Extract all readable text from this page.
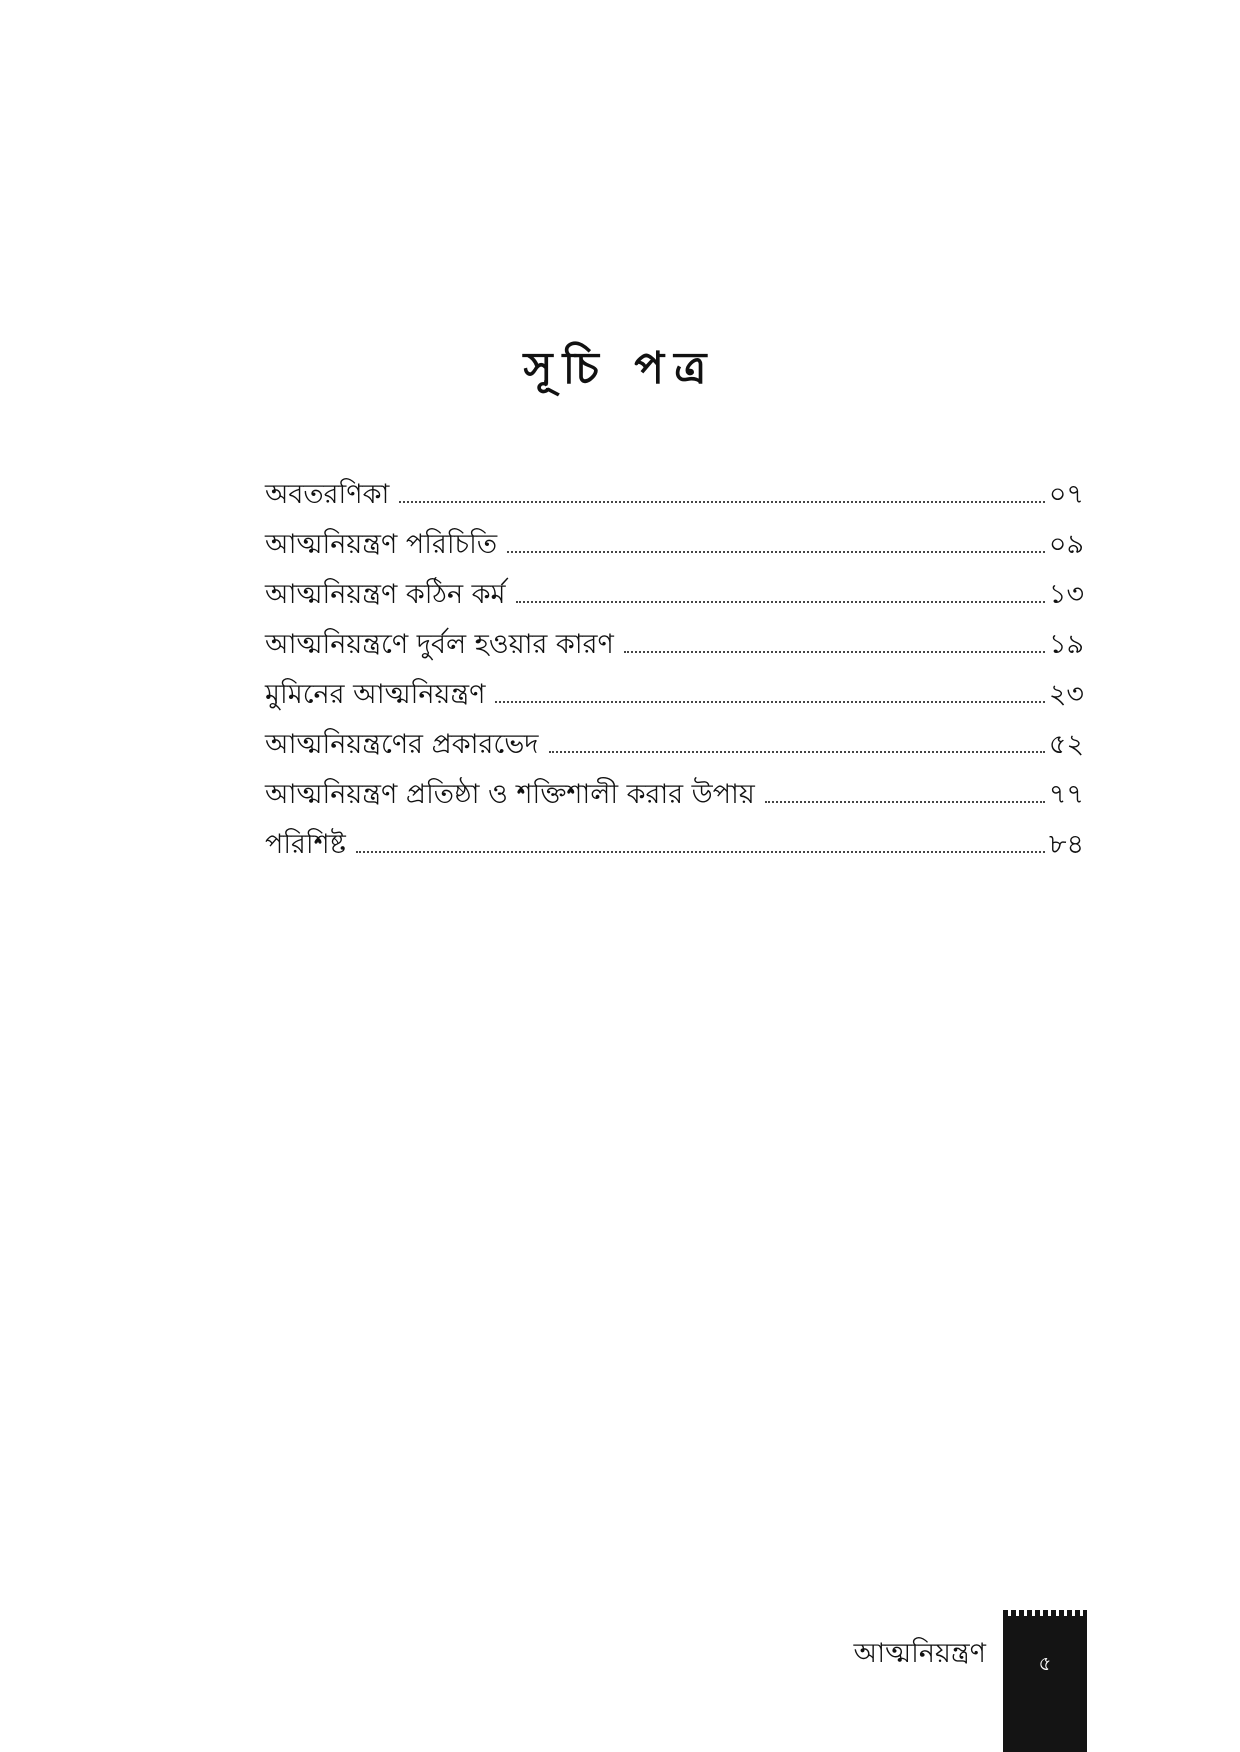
সূচি পত্র
অবতরণিকা	০৭
আত্মনিয়ন্ত্রণ পরিচিতি	০৯
আত্মনিয়ন্ত্রণ কঠিন কর্ম	১৩
আত্মনিয়ন্ত্রণে দুর্বল হওয়ার কারণ	১৯
মুমিনের আত্মনিয়ন্ত্রণ	২৩
আত্মনিয়ন্ত্রণের প্রকারভেদ	৫২
আত্মনিয়ন্ত্রণ প্রতিষ্ঠা ও শক্তিশালী করার উপায়	৭৭
পরিশিষ্ট	৮৪
আত্মনিয়ন্ত্রণ	৫
